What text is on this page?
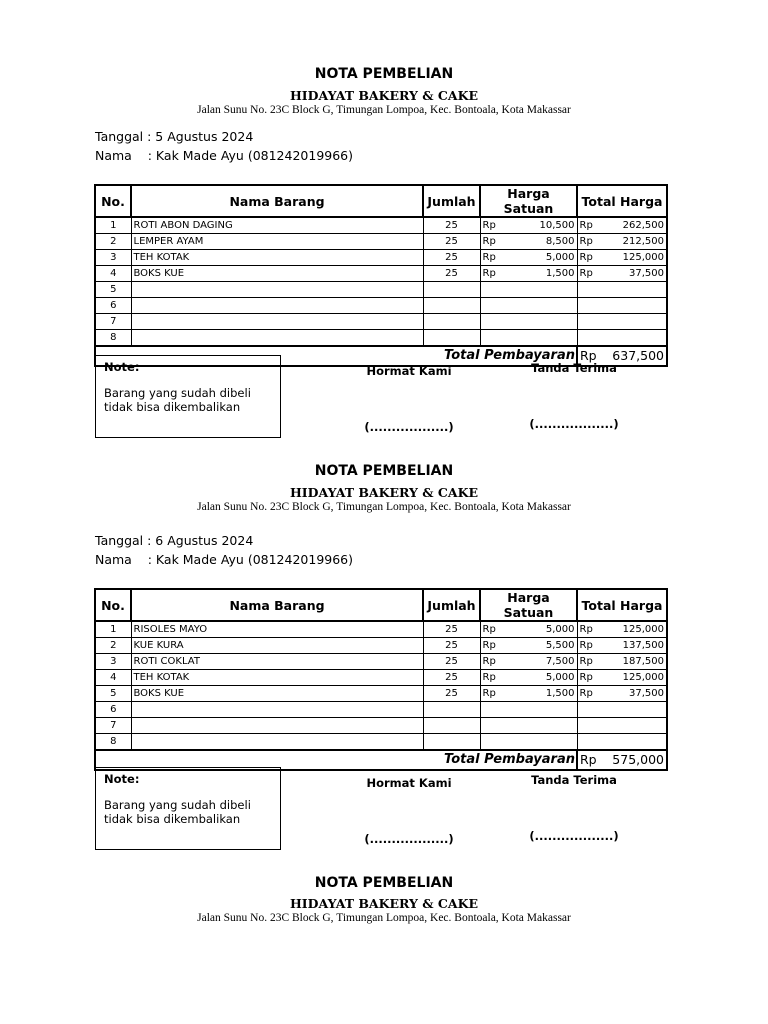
NOTA PEMBELIAN
HIDAYAT BAKERY & CAKE
Jalan Sunu No. 23C Block G, Timungan Lompoa, Kec. Bontoala, Kota Makassar
Tanggal : 5 Agustus 2024
Nama    : Kak Made Ayu (081242019966)
No.	Nama Barang	Jumlah	Harga Satuan	Total Harga
1	ROTI ABON DAGING	25	Rp 10,500	Rp 262,500

2	LEMPER AYAM	25	Rp 8,500	Rp 212,500

3	TEH KOTAK	25	Rp 5,000	Rp 125,000

4	BOKS KUE	25	Rp 1,500	Rp 37,500

5			

6			

7			

8			

Total Pembayaran				Rp 637,500
Note:
Barang yang sudah dibeli tidak bisa dikembalikan
Hormat Kami	Tanda Terima
(..................)	(..................)
NOTA PEMBELIAN
HIDAYAT BAKERY & CAKE
Jalan Sunu No. 23C Block G, Timungan Lompoa, Kec. Bontoala, Kota Makassar
Tanggal : 6 Agustus 2024
Nama    : Kak Made Ayu (081242019966)
No.	Nama Barang	Jumlah	Harga Satuan	Total Harga
1	RISOLES MAYO	25	Rp 5,000	Rp 125,000

2	KUE KURA	25	Rp 5,500	Rp 137,500

3	ROTI COKLAT	25	Rp 7,500	Rp 187,500

4	TEH KOTAK	25	Rp 5,000	Rp 125,000

5	BOKS KUE	25	Rp 1,500	Rp 37,500

6			

7			

8			

Total Pembayaran				Rp 575,000
Note:
Barang yang sudah dibeli tidak bisa dikembalikan
Hormat Kami	Tanda Terima
(..................)	(..................)
NOTA PEMBELIAN
HIDAYAT BAKERY & CAKE
Jalan Sunu No. 23C Block G, Timungan Lompoa, Kec. Bontoala, Kota Makassar
